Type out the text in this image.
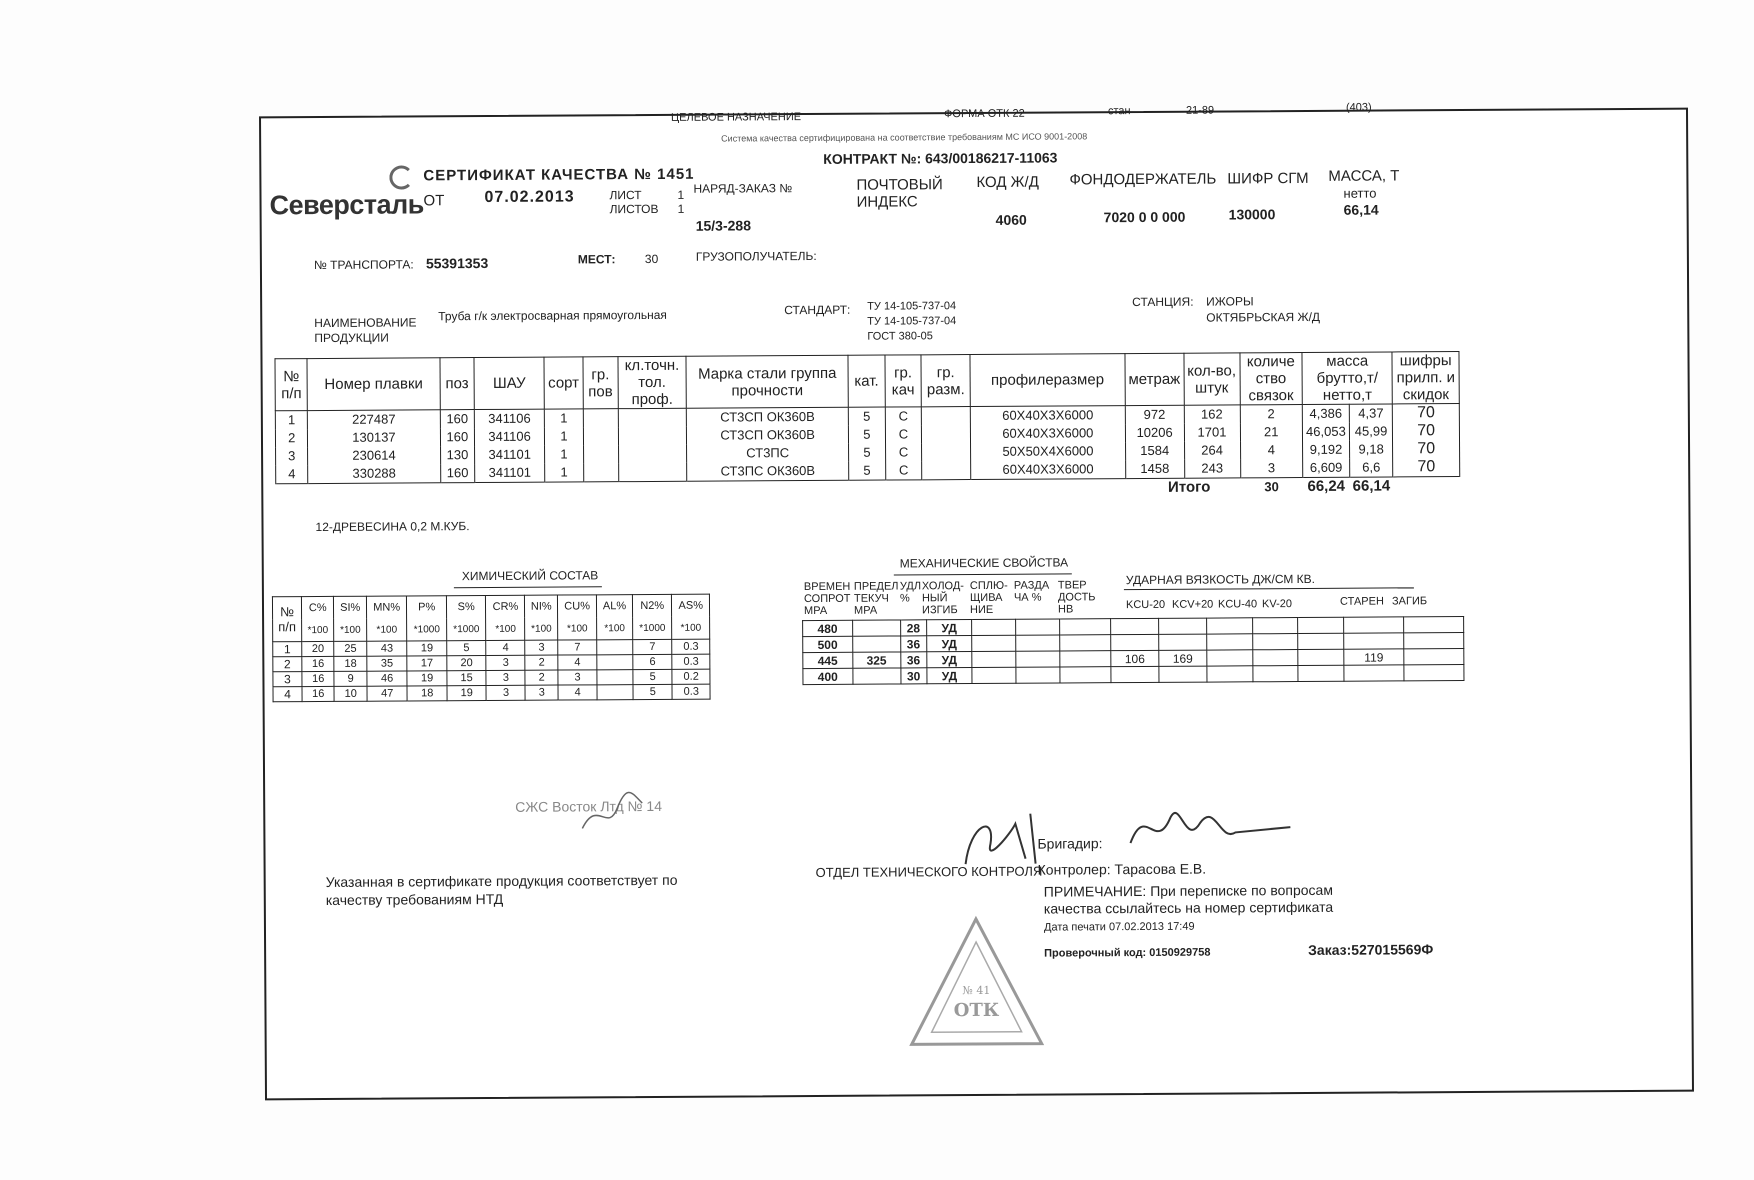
ЦЕЛЕВОЕ НАЗНАЧЕНИЕ	ФОРМА ОТК 22	стан	21-89	(403)
Система качества сертифицирована на соответствие требованиям МС ИСО 9001-2008
Северсталь
СЕРТИФИКАТ КАЧЕСТВА № 1451
ОТ	07.02.2013	ЛИСТ	1
ЛИСТОВ 1
КОНТРАКТ №: 643/00186217-11063
НАРЯД-ЗАКАЗ №
15/3-288
ПОЧТОВЫЙ ИНДЕКС
КОД Ж/Д
4060
ФОНДОДЕРЖАТЕЛЬ
7020 0 0 000
ШИФР СГМ
130000
МАССА, Т
нетто
66,14
№ ТРАНСПОРТА: 55391353	МЕСТ: 30	ГРУЗОПОЛУЧАТЕЛЬ:
НАИМЕНОВАНИЕ ПРОДУКЦИИ
Труба г/к электросварная прямоугольная	СТАНДАРТ: ТУ 14-105-737-04
ТУ 14-105-737-04
ГОСТ 380-05
СТАНЦИЯ: ИЖОРЫ
ОКТЯБРЬСКАЯ Ж/Д
№ п/п	Номер плавки	поз	ШАУ	сорт	гр. пов	кл.точн. тол. проф.	Марка стали группа прочности	кат.	гр. кач	гр. разм.	профилеразмер	метраж	кол-во, штук	количе ство связок	масса брутто,т/нетто,т		шифры прилп. и скидок
1	227487	160	341106	1			СТ3СП ОК360В	5	С		60Х40Х3Х6000	972	162	2	4,386	4,37	70
2	130137	160	341106	1			СТ3СП ОК360В	5	С		60Х40Х3Х6000	10206	1701	21	46,053	45,99	70
3	230614	130	341101	1			СТ3ПС	5	С		50Х50Х4Х6000	1584	264	4	9,192	9,18	70
4	330288	160	341101	1			СТ3ПС ОК360В	5	С		60Х40Х3Х6000	1458	243	3	6,609	6,6	70
Итого														30	66,24	66,14	
12-ДРЕВЕСИНА 0,2 М.КУБ.
ХИМИЧЕСКИЙ СОСТАВ
№ п/п	C%	SI%	MN%	P%	S%	CR%	NI%	CU%	AL%	N2%	AS%
	*100	*100	*100	*1000	*1000	*100	*100	*100	*100	*1000	*100
1	20	25	43	19	5	4	3	7		7	0.3
2	16	18	35	17	20	3	2	4		6	0.3
3	16	9	46	19	15	3	2	3		5	0.2
4	16	10	47	18	19	3	3	4		5	0.3
МЕХАНИЧЕСКИЕ СВОЙСТВА
ВРЕМЕН СОПРОТ МРА
ПРЕДЕЛ ТЕКУЧ МРА
УДЛ %
ХОЛОД-НЫЙ ИЗГИБ
СПЛЮ-ЩИВА НИЕ
РАЗДА ЧА %
ТВЕР ДОСТЬ НВ
УДАРНАЯ ВЯЗКОСТЬ ДЖ/СМ КВ.
KCU-20 KCV+20 KCU-40 KV-20	СТАРЕН ЗАГИБ
480		28	УД										
500		36	УД										
445	325	36	УД				106	169				119	
400		30	УД										
СЖС Восток Лтд № 14
Указанная в сертификате продукция соответствует по качеству требованиям НТД
ОТК
№ 41
ОТДЕЛ ТЕХНИЧЕСКОГО КОНТРОЛЯ
Бригадир:
Контролер: Тарасова Е.В.
ПРИМЕЧАНИЕ: При переписке по вопросам качества ссылайтесь на номер сертификата
Дата печати 07.02.2013 17:49
Проверочный код: 0150929758	Заказ:527015569Ф
